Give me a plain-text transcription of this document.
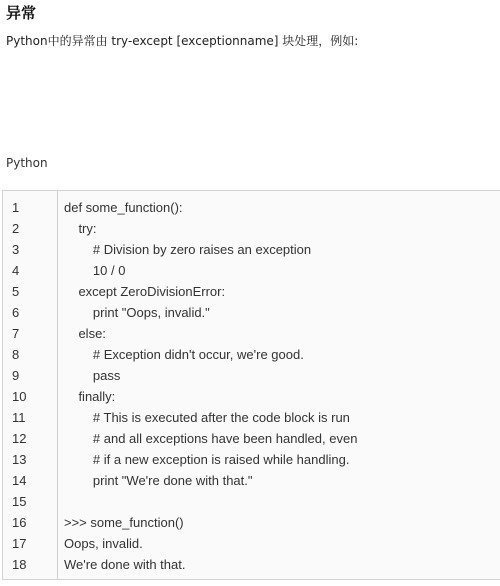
异常
Python中的异常由 try-except [exceptionname] 块处理，例如:
Python
1	def some_function():
2	try:
3	# Division by zero raises an exception
4	10 / 0
5	except ZeroDivisionError:
6	print "Oops, invalid."
7	else:
8	# Exception didn't occur, we're good.
9	pass
10	finally:
11	# This is executed after the code block is run
12	# and all exceptions have been handled, even
13	# if a new exception is raised while handling.
14	print "We're done with that."
15	
16	>>> some_function()
17	Oops, invalid.
18	We're done with that.
